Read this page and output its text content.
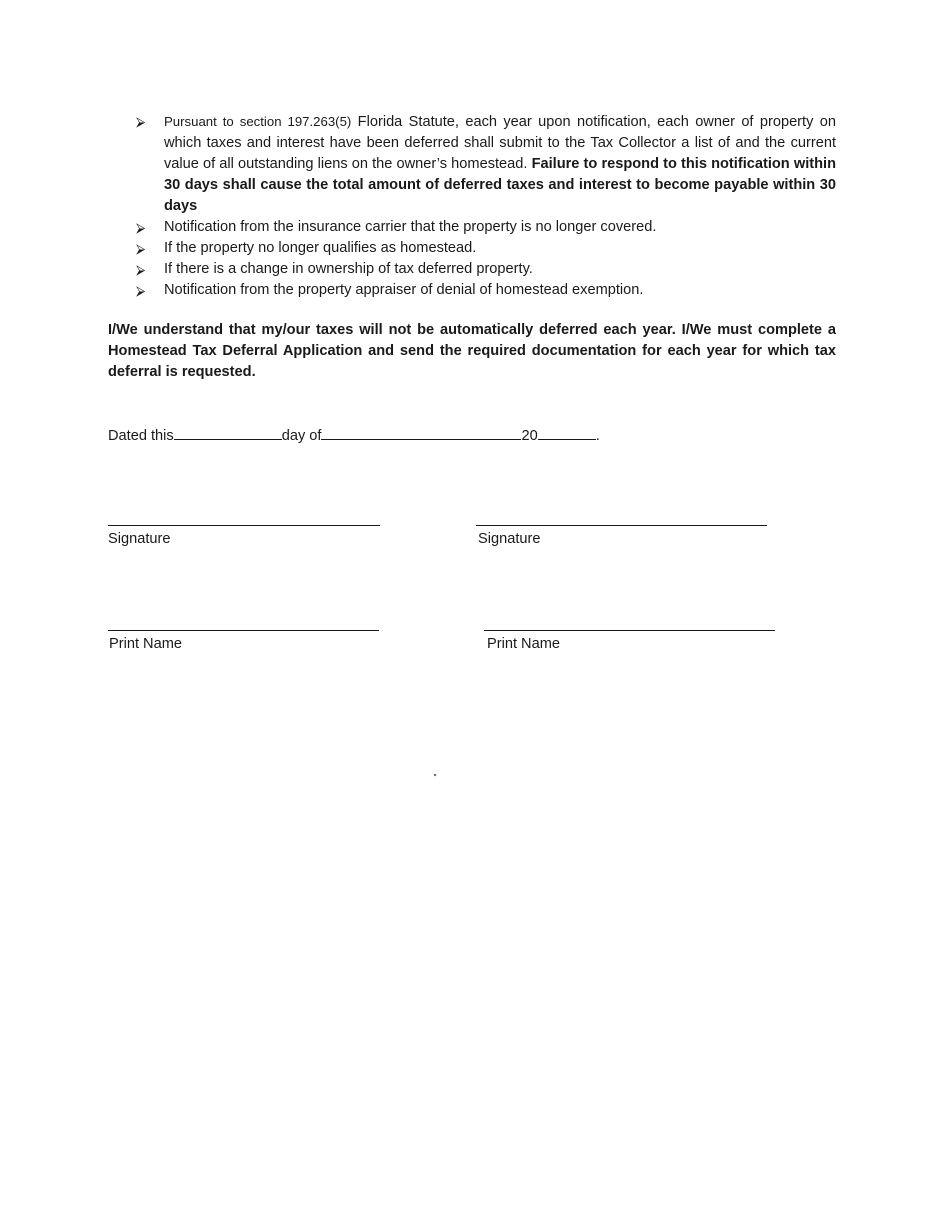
⮚ Pursuant to section 197.263(5) Florida Statute, each year upon notification, each owner of property on which taxes and interest have been deferred shall submit to the Tax Collector a list of and the current value of all outstanding liens on the owner’s homestead. Failure to respond to this notification within 30 days shall cause the total amount of deferred taxes and interest to become payable within 30 days
⮚ Notification from the insurance carrier that the property is no longer covered.
⮚ If the property no longer qualifies as homestead.
⮚ If there is a change in ownership of tax deferred property.
⮚ Notification from the property appraiser of denial of homestead exemption.

I/We understand that my/our taxes will not be automatically deferred each year. I/We must complete a Homestead Tax Deferral Application and send the required documentation for each year for which tax deferral is requested.

Dated this	day of	20	.
Signature	Signature
Print Name	Print Name
